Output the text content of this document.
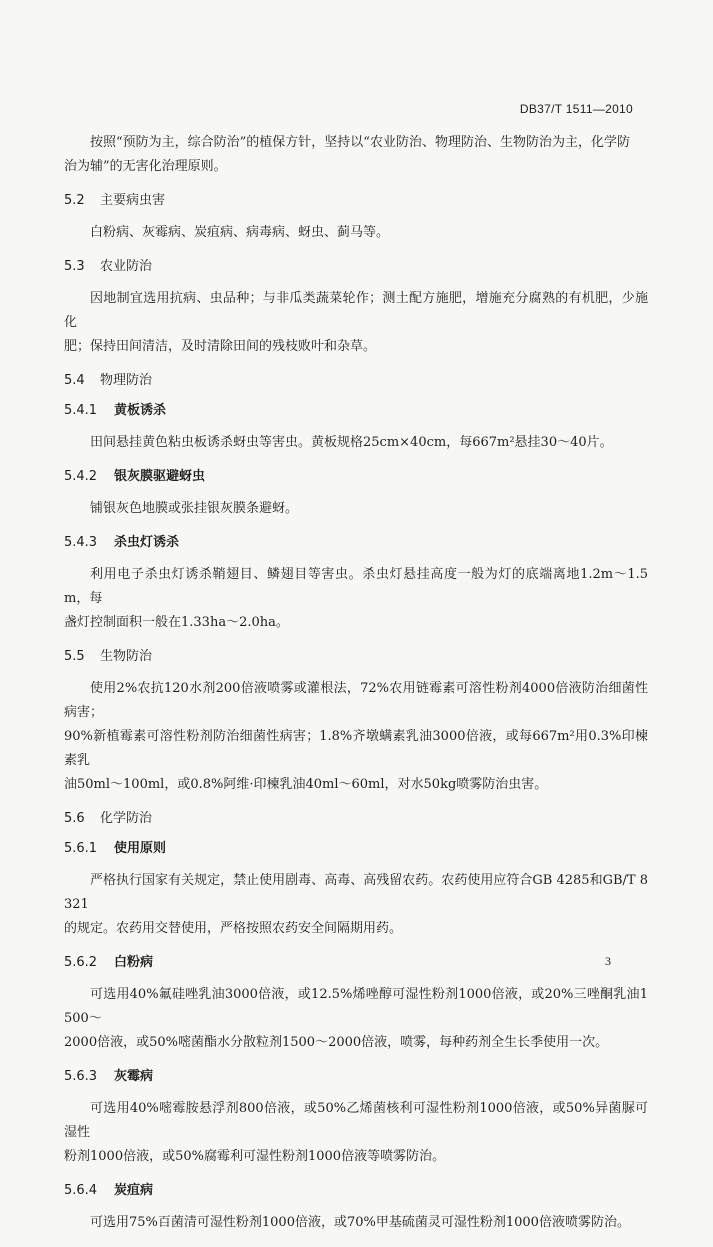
DB37/T 1511—2010
按照“预防为主，综合防治”的植保方针，坚持以“农业防治、物理防治、生物防治为主，化学防
治为辅”的无害化治理原则。
5.2 主要病虫害
白粉病、灰霉病、炭疽病、病毒病、蚜虫、蓟马等。
5.3 农业防治
因地制宜选用抗病、虫品种；与非瓜类蔬菜轮作；测土配方施肥，增施充分腐熟的有机肥，少施化
肥；保持田间清洁，及时清除田间的残枝败叶和杂草。
5.4 物理防治
5.4.1 黄板诱杀
田间悬挂黄色粘虫板诱杀蚜虫等害虫。黄板规格25cm×40cm，每667m²悬挂30～40片。
5.4.2 银灰膜驱避蚜虫
铺银灰色地膜或张挂银灰膜条避蚜。
5.4.3 杀虫灯诱杀
利用电子杀虫灯诱杀鞘翅目、鳞翅目等害虫。杀虫灯悬挂高度一般为灯的底端离地1.2m～1.5m，每
盏灯控制面积一般在1.33ha～2.0ha。
5.5 生物防治
使用2%农抗120水剂200倍液喷雾或灌根法，72%农用链霉素可溶性粉剂4000倍液防治细菌性病害；
90%新植霉素可溶性粉剂防治细菌性病害；1.8%齐墩螨素乳油3000倍液，或每667m²用0.3%印楝素乳
油50ml～100ml，或0.8%阿维·印楝乳油40ml～60ml，对水50kg喷雾防治虫害。
5.6 化学防治
5.6.1 使用原则
严格执行国家有关规定，禁止使用剧毒、高毒、高残留农药。农药使用应符合GB 4285和GB/T 8321
的规定。农药用交替使用，严格按照农药安全间隔期用药。
5.6.2 白粉病
可选用40%氟硅唑乳油3000倍液，或12.5%烯唑醇可湿性粉剂1000倍液，或20%三唑酮乳油1500～
2000倍液，或50%嘧菌酯水分散粒剂1500～2000倍液，喷雾，每种药剂全生长季使用一次。
5.6.3 灰霉病
可选用40%嘧霉胺悬浮剂800倍液，或50%乙烯菌核利可湿性粉剂1000倍液，或50%异菌脲可湿性
粉剂1000倍液，或50%腐霉利可湿性粉剂1000倍液等喷雾防治。
5.6.4 炭疽病
可选用75%百菌清可湿性粉剂1000倍液，或70%甲基硫菌灵可湿性粉剂1000倍液喷雾防治。
3
